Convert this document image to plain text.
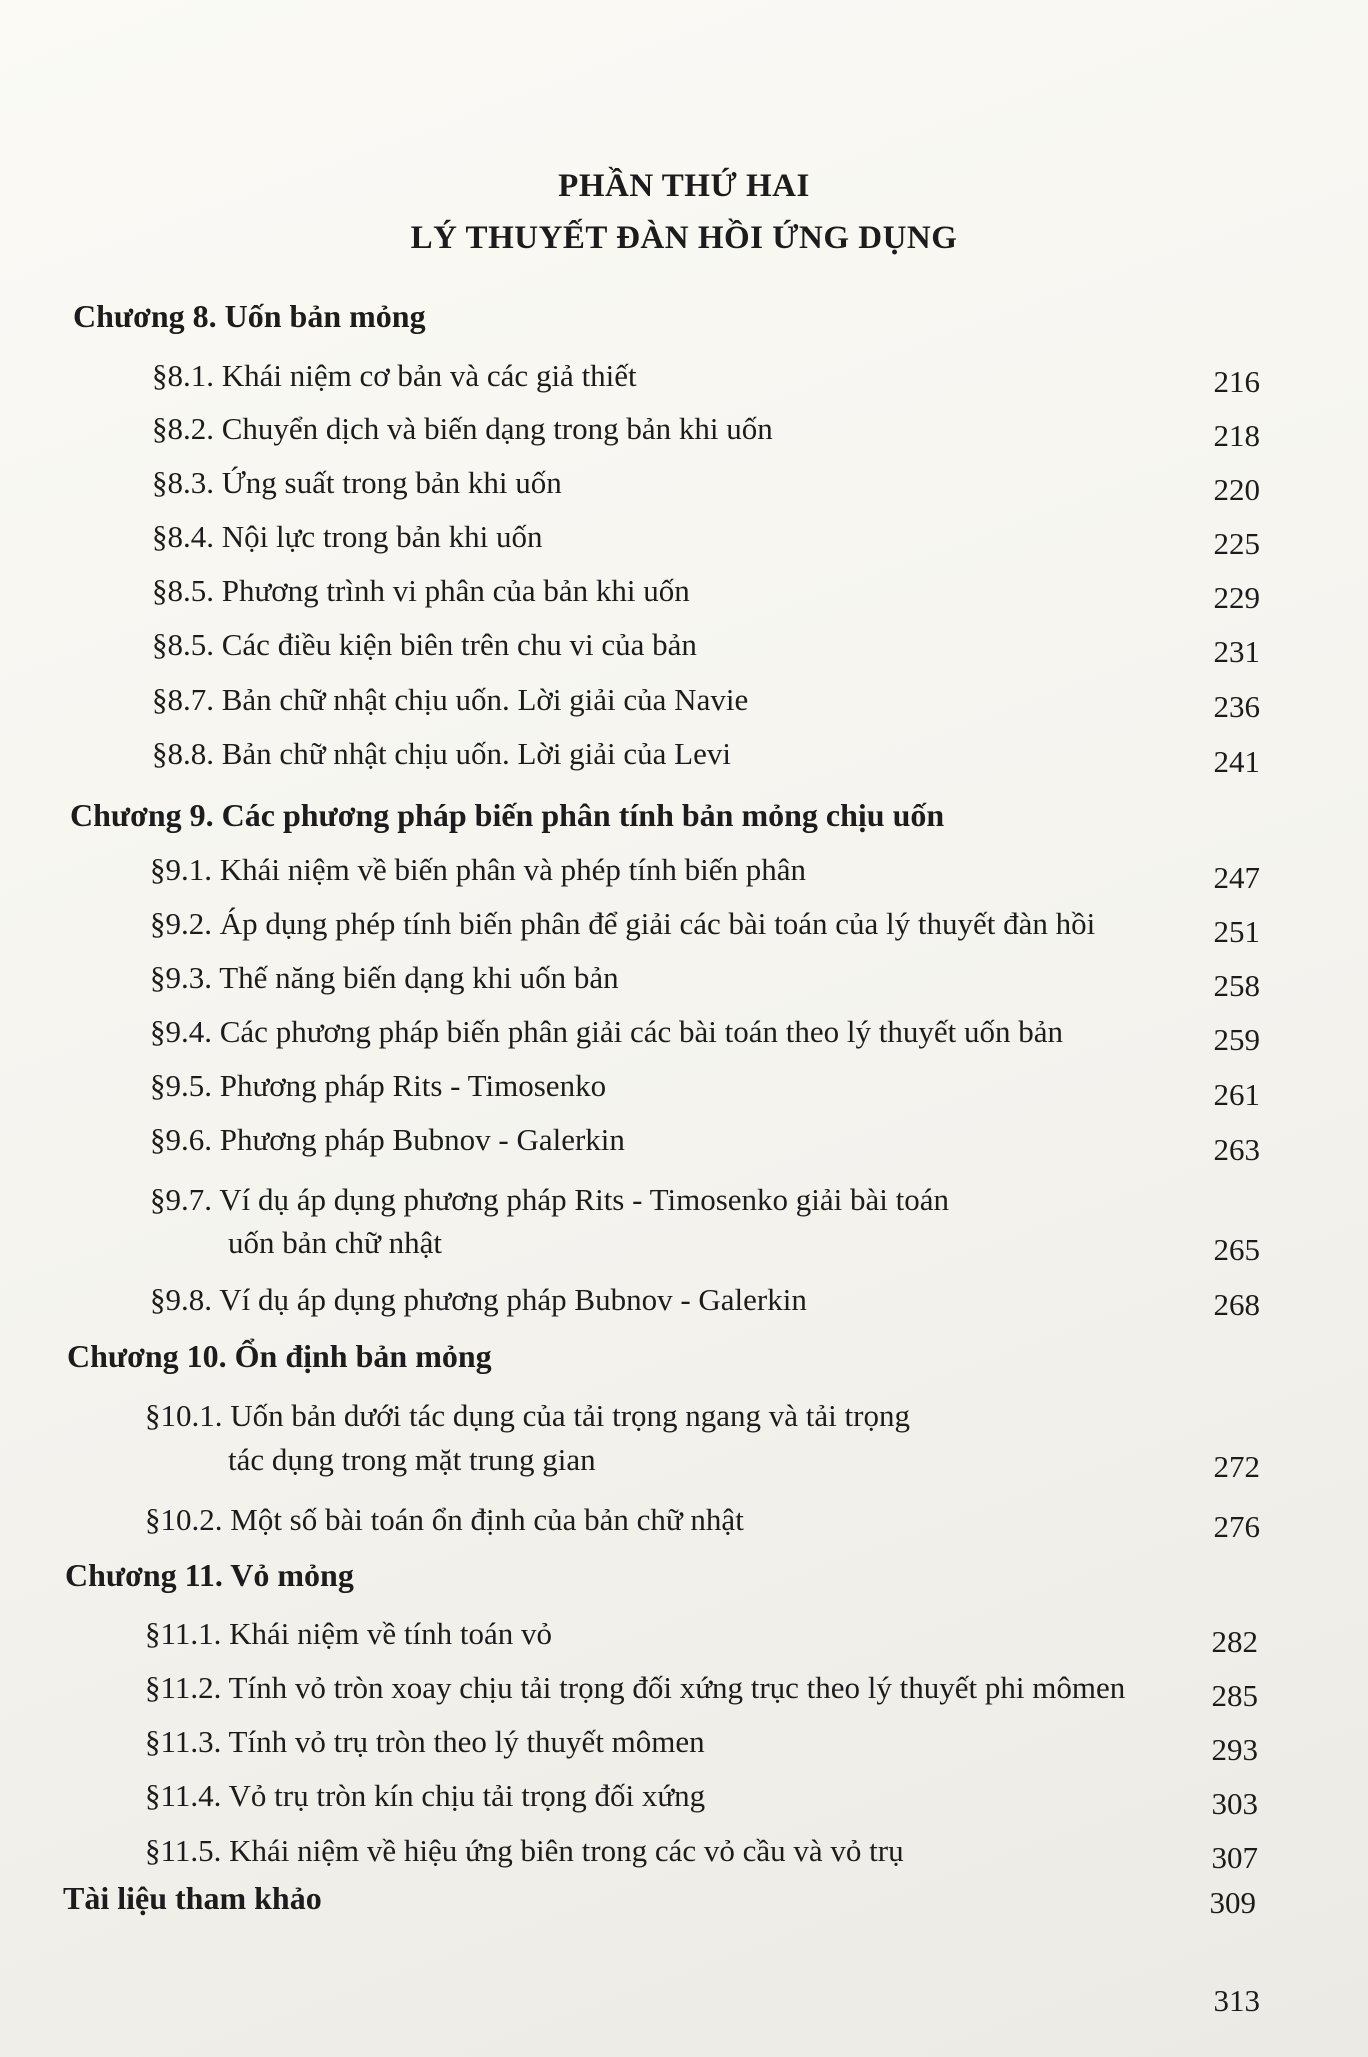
PHẦN THỨ HAI
LÝ THUYẾT ĐÀN HỒI ỨNG DỤNG
Chương 8. Uốn bản mỏng
§8.1. Khái niệm cơ bản và các giả thiết	216
§8.2. Chuyển dịch và biến dạng trong bản khi uốn	218
§8.3. Ứng suất trong bản khi uốn	220
§8.4. Nội lực trong bản khi uốn	225
§8.5. Phương trình vi phân của bản khi uốn	229
§8.5. Các điều kiện biên trên chu vi của bản	231
§8.7. Bản chữ nhật chịu uốn. Lời giải của Navie	236
§8.8. Bản chữ nhật chịu uốn. Lời giải của Levi	241
Chương 9. Các phương pháp biến phân tính bản mỏng chịu uốn
§9.1. Khái niệm về biến phân và phép tính biến phân	247
§9.2. Áp dụng phép tính biến phân để giải các bài toán của lý thuyết đàn hồi	251
§9.3. Thế năng biến dạng khi uốn bản	258
§9.4. Các phương pháp biến phân giải các bài toán theo lý thuyết uốn bản	259
§9.5. Phương pháp Rits - Timosenko	261
§9.6. Phương pháp Bubnov - Galerkin	263
§9.7. Ví dụ áp dụng phương pháp Rits - Timosenko giải bài toán
uốn bản chữ nhật	265
§9.8. Ví dụ áp dụng phương pháp Bubnov - Galerkin	268
Chương 10. Ổn định bản mỏng
§10.1. Uốn bản dưới tác dụng của tải trọng ngang và tải trọng
tác dụng trong mặt trung gian	272
§10.2. Một số bài toán ổn định của bản chữ nhật	276
Chương 11. Vỏ mỏng
§11.1. Khái niệm về tính toán vỏ	282
§11.2. Tính vỏ tròn xoay chịu tải trọng đối xứng trục theo lý thuyết phi mômen	285
§11.3. Tính vỏ trụ tròn theo lý thuyết mômen	293
§11.4. Vỏ trụ tròn kín chịu tải trọng đối xứng	303
§11.5. Khái niệm về hiệu ứng biên trong các vỏ cầu và vỏ trụ	307
Tài liệu tham khảo	309
313
